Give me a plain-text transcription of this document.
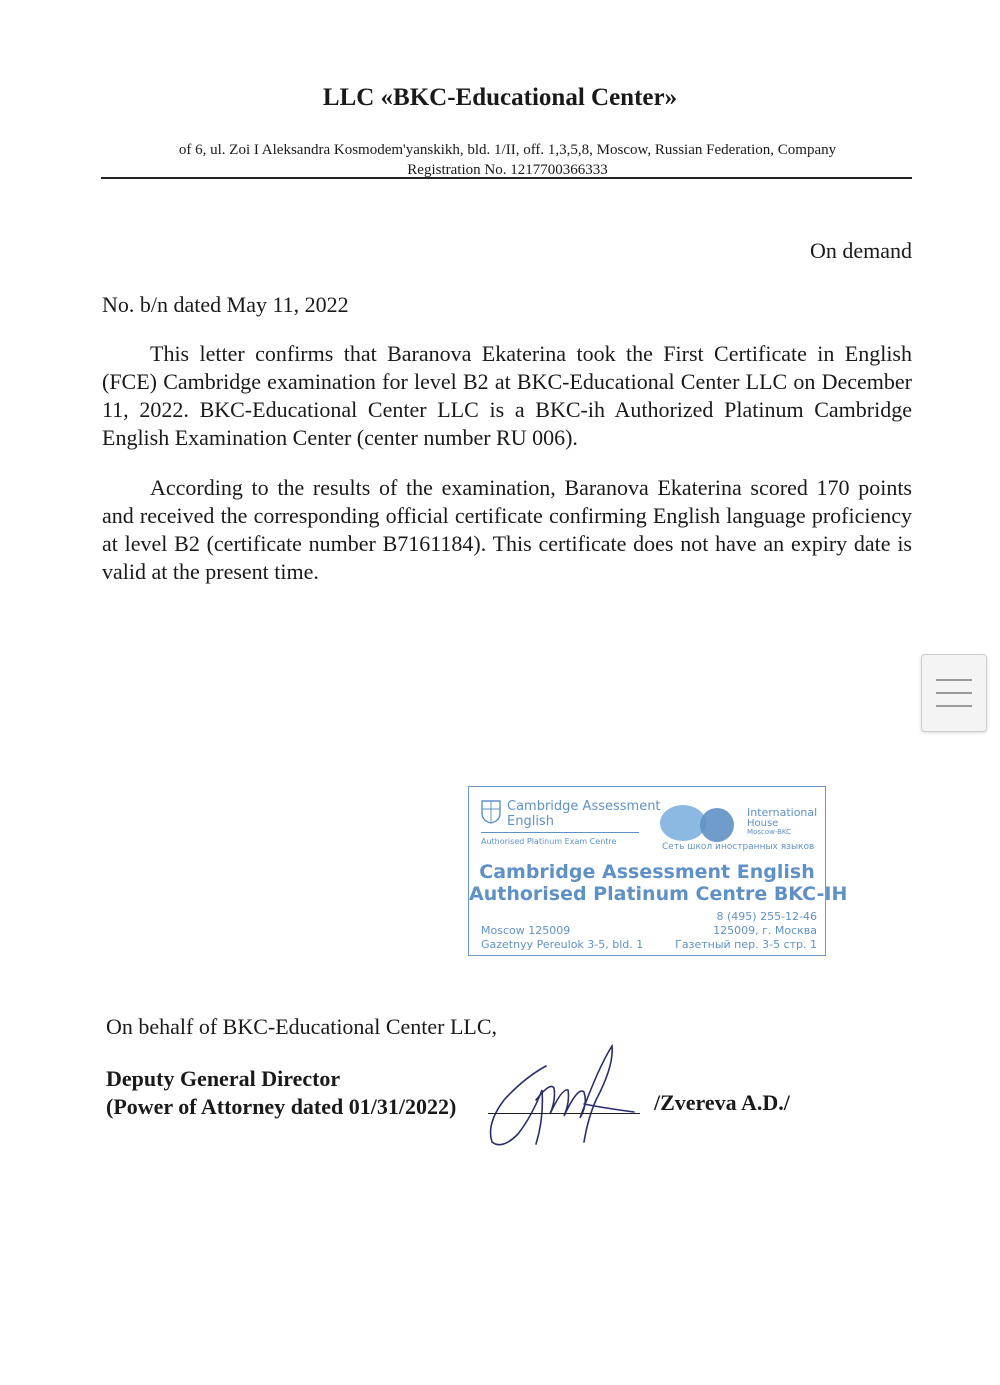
LLC «BKC-Educational Center»
of 6, ul. Zoi I Aleksandra Kosmodem'yanskikh, bld. 1/II, off. 1,3,5,8, Moscow, Russian Federation, Company
Registration No. 1217700366333
On demand
No. b/n dated May 11, 2022
This letter confirms that Baranova Ekaterina took the First Certificate in English (FCE) Cambridge examination for level B2 at BKC-Educational Center LLC on December 11, 2022. BKC-Educational Center LLC is a BKC-ih Authorized Platinum Cambridge English Examination Center (center number RU 006).
According to the results of the examination, Baranova Ekaterina scored 170 points and received the corresponding official certificate confirming English language proficiency at level B2 (certificate number B7161184). This certificate does not have an expiry date is valid at the present time.
Cambridge Assessment
English
Authorised Platinum Exam Centre
International
House
Moscow-BKC
Сеть школ иностранных языков
Cambridge Assessment English
Authorised Platinum Centre BKC-IH
8 (495) 255-12-46
Moscow 125009	125009, г. Москва
Gazetnyy Pereulok 3-5, bld. 1	Газетный пер. 3-5 стр. 1
On behalf of BKC-Educational Center LLC,
Deputy General Director
(Power of Attorney dated 01/31/2022)	/Zvereva A.D./
